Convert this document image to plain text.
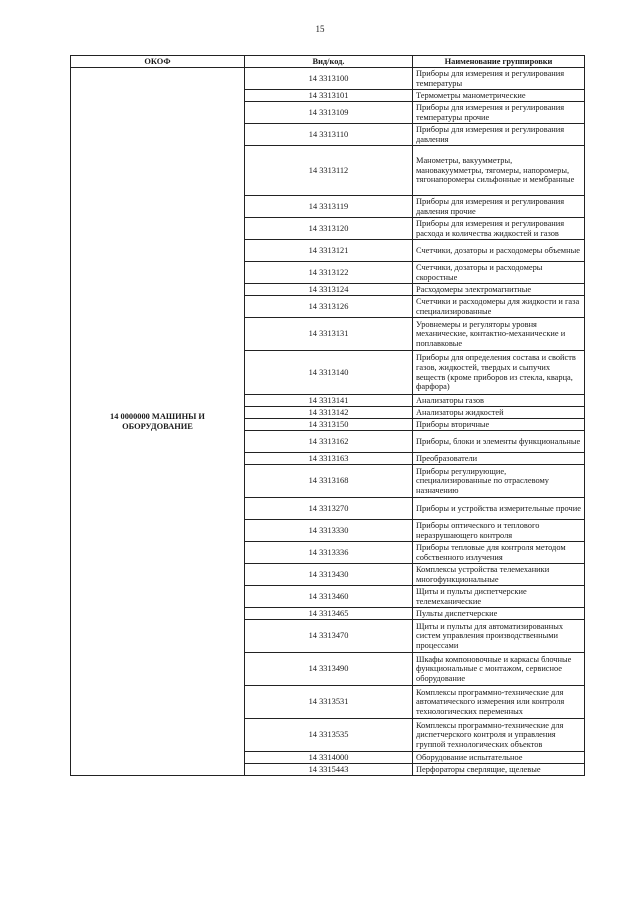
15
ОКОФ	Вид/код.	Наименование группировки

14 0000000 МАШИНЫ И
ОБОРУДОВАНИЕ	14 3313100	Приборы для измерения и регулирования температуры
	14 3313101	Термометры манометрические
	14 3313109	Приборы для измерения и регулирования температуры прочие
	14 3313110	Приборы для измерения и регулирования давления
	14 3313112	Манометры, вакуумметры, мановакуумметры, тягомеры, напоромеры, тягонапоромеры сильфонные и мембранные
	14 3313119	Приборы для измерения и регулирования давления прочие
	14 3313120	Приборы для измерения и регулирования расхода и количества жидкостей и газов
	14 3313121	Счетчики, дозаторы и расходомеры объемные
	14 3313122	Счетчики, дозаторы и расходомеры скоростные
	14 3313124	Расходомеры электромагнитные
	14 3313126	Счетчики и расходомеры для жидкости и газа специализированные
	14 3313131	Уровнемеры и регуляторы уровня механические, контактно-механические и поплавковые
	14 3313140	Приборы для определения состава и свойств газов, жидкостей, твердых и сыпучих веществ (кроме приборов из стекла, кварца, фарфора)
	14 3313141	Анализаторы газов
	14 3313142	Анализаторы жидкостей
	14 3313150	Приборы вторичные
	14 3313162	Приборы, блоки и элементы функциональные
	14 3313163	Преобразователи
	14 3313168	Приборы регулирующие, специализированные по отраслевому назначению
	14 3313270	Приборы и устройства измерительные прочие
	14 3313330	Приборы оптического и теплового неразрушающего контроля
	14 3313336	Приборы тепловые для контроля методом собственного излучения
	14 3313430	Комплексы устройства телемеханики многофункциональные
	14 3313460	Щиты и пульты диспетчерские телемеханические
	14 3313465	Пульты диспетчерские
	14 3313470	Щиты и пульты для автоматизированных систем управления производственными процессами
	14 3313490	Шкафы компоновочные и каркасы блочные функциональные с монтажом, сервисное оборудование
	14 3313531	Комплексы программно-технические для автоматического измерения или контроля технологических переменных
	14 3313535	Комплексы программно-технические для диспетчерского контроля и управления группой технологических объектов
	14 3314000	Оборудование испытательное
	14 3315443	Перфораторы сверлящие, щелевые
